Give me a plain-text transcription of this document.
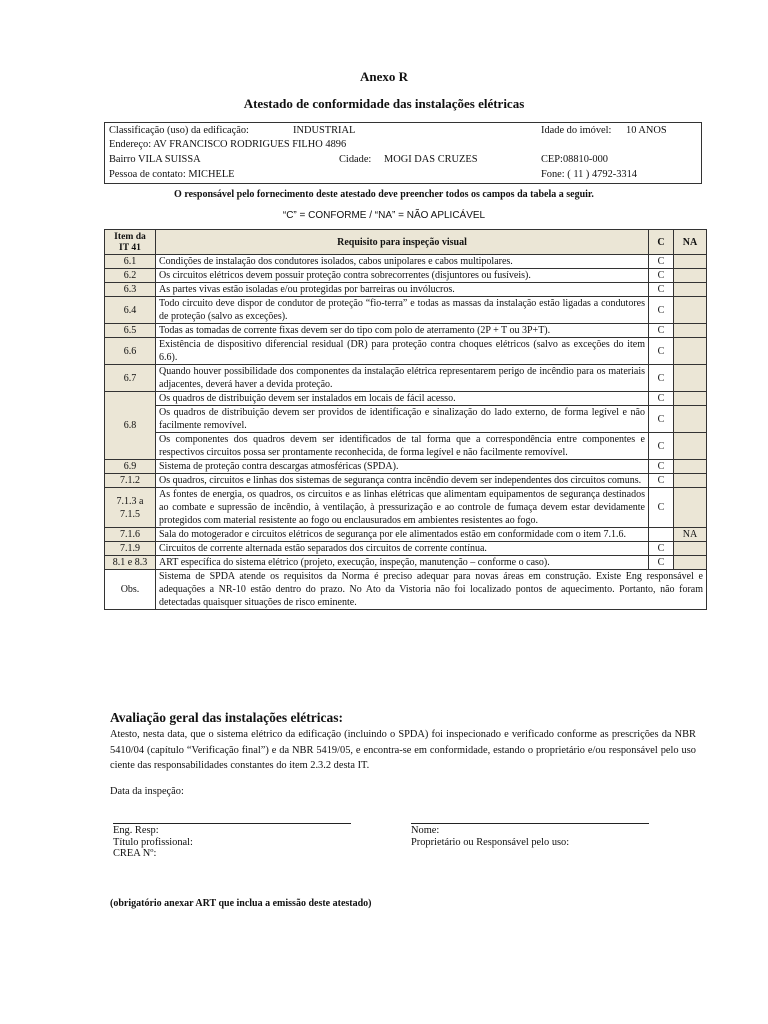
Anexo R
Atestado de conformidade das instalações elétricas
Classificação (uso) da edificação:	INDUSTRIAL	Idade do imóvel: 10 ANOS
Endereço: AV FRANCISCO RODRIGUES FILHO 4896
Bairro VILA SUISSA	Cidade: MOGI DAS CRUZES	CEP:08810-000
Pessoa de contato: MICHELE	Fone: ( 11 ) 4792-3314
O responsável pelo fornecimento deste atestado deve preencher todos os campos da tabela a seguir.
“C” = CONFORME / “NA” = NÃO APLICÁVEL
Item da IT 41	Requisito para inspeção visual	C	NA
6.1	Condições de instalação dos condutores isolados, cabos unipolares e cabos multipolares.	C	
6.2	Os circuitos elétricos devem possuir proteção contra sobrecorrentes (disjuntores ou fusíveis).	C	
6.3	As partes vivas estão isoladas e/ou protegidas por barreiras ou invólucros.	C	
6.4	Todo circuito deve dispor de condutor de proteção “fio-terra” e todas as massas da instalação estão ligadas a condutores de proteção (salvo as exceções).	C	
6.5	Todas as tomadas de corrente fixas devem ser do tipo com polo de aterramento (2P + T ou 3P+T).	C	
6.6	Existência de dispositivo diferencial residual (DR) para proteção contra choques elétricos (salvo as exceções do item 6.6).	C	
6.7	Quando houver possibilidade dos componentes da instalação elétrica representarem perigo de incêndio para os materiais adjacentes, deverá haver a devida proteção.	C	
6.8	Os quadros de distribuição devem ser instalados em locais de fácil acesso.	C	
	Os quadros de distribuição devem ser providos de identificação e sinalização do lado externo, de forma legível e não facilmente removível.	C	
	Os componentes dos quadros devem ser identificados de tal forma que a correspondência entre componentes e respectivos circuitos possa ser prontamente reconhecida, de forma legível e não facilmente removível.	C	
6.9	Sistema de proteção contra descargas atmosféricas (SPDA).	C	
7.1.2	Os quadros, circuitos e linhas dos sistemas de segurança contra incêndio devem ser independentes dos circuitos comuns.	C	
7.1.3 a 7.1.5	As fontes de energia, os quadros, os circuitos e as linhas elétricas que alimentam equipamentos de segurança destinados ao combate e supressão de incêndio, à ventilação, à pressurização e ao controle de fumaça devem estar devidamente protegidos com material resistente ao fogo ou enclausurados em ambientes resistentes ao fogo.	C	
7.1.6	Sala do motogerador e circuitos elétricos de segurança por ele alimentados estão em conformidade com o item 7.1.6.		NA
7.1.9	Circuitos de corrente alternada estão separados dos circuitos de corrente contínua.	C	
8.1 e 8.3	ART específica do sistema elétrico (projeto, execução, inspeção, manutenção – conforme o caso).	C	
Obs.	Sistema de SPDA atende os requisitos da Norma é preciso adequar para novas áreas em construção. Existe Eng responsável e adequações a NR-10 estão dentro do prazo. No Ato da Vistoria não foi localizado pontos de aquecimento. Portanto, não foram detectadas quaisquer situações de risco eminente.		
Avaliação geral das instalações elétricas:
Atesto, nesta data, que o sistema elétrico da edificação (incluindo o SPDA) foi inspecionado e verificado conforme as prescrições da NBR 5410/04 (capítulo “Verificação final”) e da NBR 5419/05, e encontra-se em conformidade, estando o proprietário e/ou responsável pelo uso ciente das responsabilidades constantes do item 2.3.2 desta IT.
Data da inspeção:
Eng. Resp:
Título profissional:
CREA Nº:
Nome:
Proprietário ou Responsável pelo uso:
(obrigatório anexar ART que inclua a emissão deste atestado)
